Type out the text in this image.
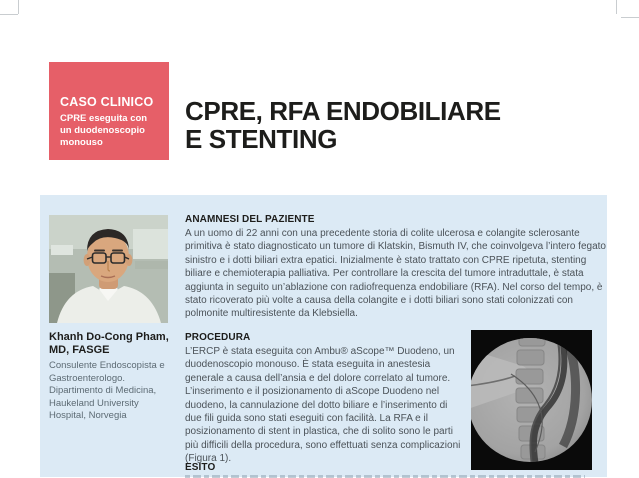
CASO CLINICO
CPRE eseguita con un duodenoscopio monouso
CPRE, RFA ENDOBILIARE
E STENTING
Khanh Do-Cong Pham, MD, FASGE
Consulente Endoscopista e Gastroenterologo. Dipartimento di Medicina, Haukeland University Hospital, Norvegia
ANAMNESI DEL PAZIENTE
A un uomo di 22 anni con una precedente storia di colite ulcerosa e colangite sclerosante primitiva è stato diagnosticato un tumore di Klatskin, Bismuth IV, che coinvolgeva l’intero fegato sinistro e i dotti biliari extra epatici. Inizialmente è stato trattato con CPRE ripetuta, stenting biliare e chemioterapia palliativa. Per controllare la crescita del tumore intraduttale, è stata aggiunta in seguito un’ablazione con radiofrequenza endobiliare (RFA). Nel corso del tempo, è stato ricoverato più volte a causa della colangite e i dotti biliari sono stati colonizzati con polmonite multiresistente da Klebsiella.
PROCEDURA
L’ERCP è stata eseguita con Ambu® aScope™ Duodeno, un duodenoscopio monouso. È stata eseguita in anestesia generale a causa dell’ansia e del dolore correlato al tumore. L’inserimento e il posizionamento di aScope Duodeno nel duodeno, la cannulazione del dotto biliare e l’inserimento di due fili guida sono stati eseguiti con facilità. La RFA e il posizionamento di stent in plastica, che di solito sono le parti più difficili della procedura, sono effettuati senza complicazioni (Figura 1).
ESITO
